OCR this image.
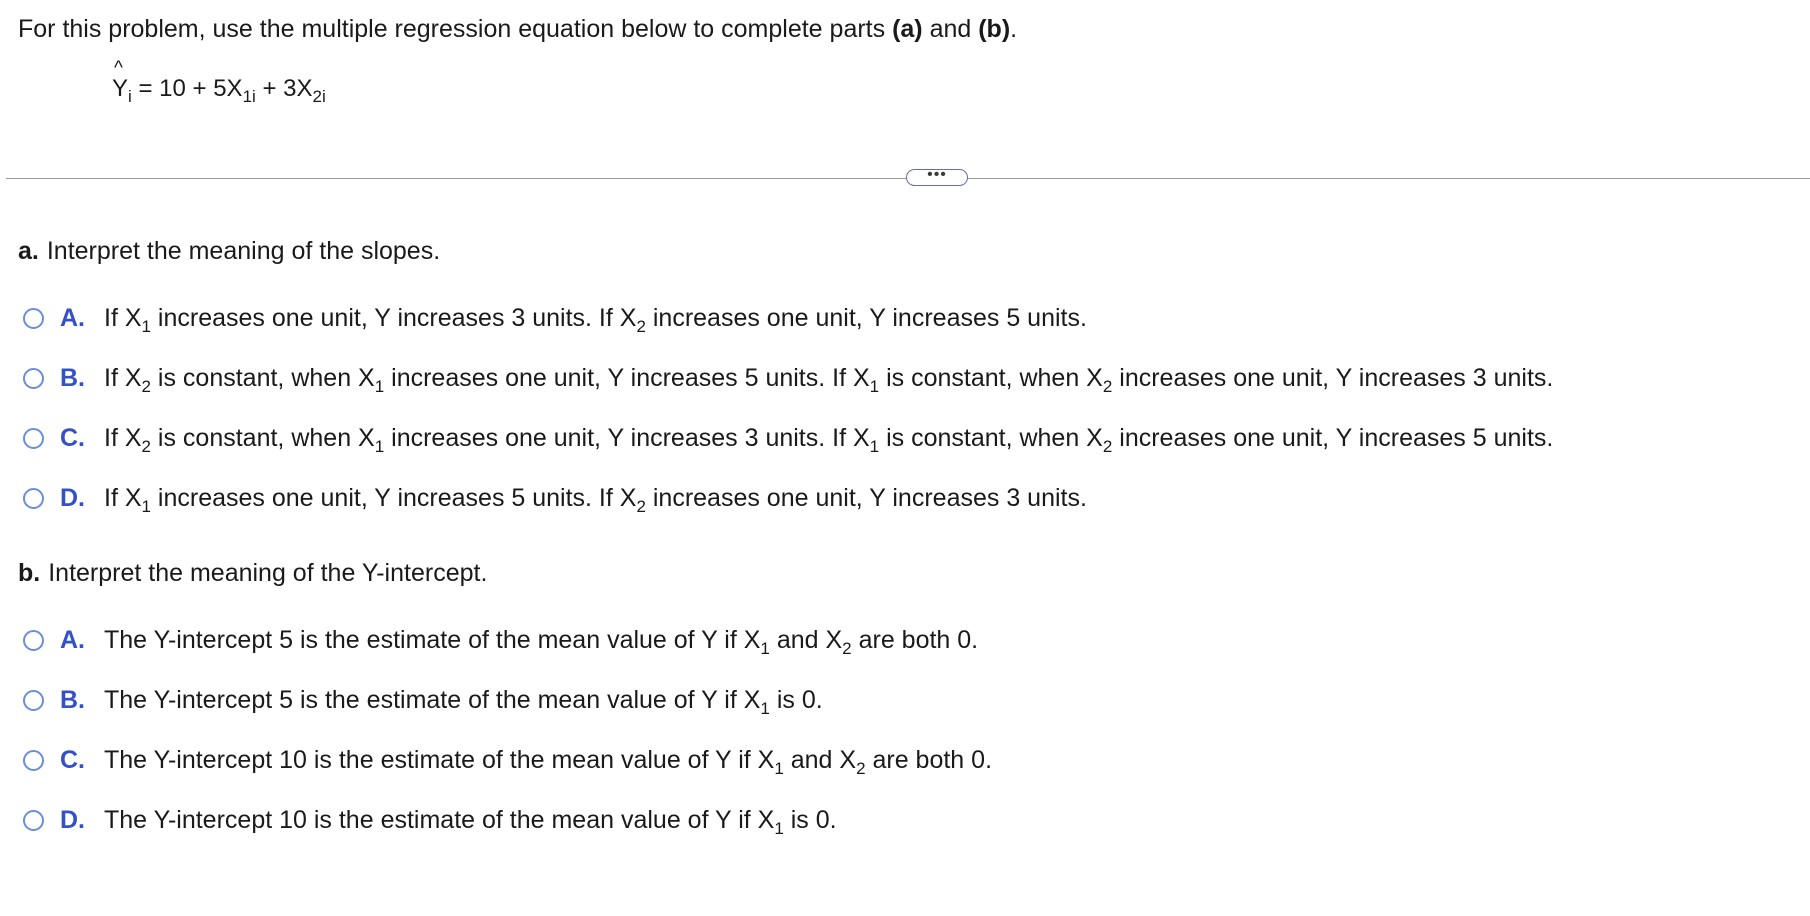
For this problem, use the multiple regression equation below to complete parts (a) and (b).
^
$Y_i = 10 + 5X_{1i} + 3X_{2i}$
•••
a. Interpret the meaning of the slopes.
A. If $X_1$ increases one unit, Y increases 3 units. If $X_2$ increases one unit, Y increases 5 units.
B. If $X_2$ is constant, when $X_1$ increases one unit, Y increases 5 units. If $X_1$ is constant, when $X_2$ increases one unit, Y increases 3 units.
C. If $X_2$ is constant, when $X_1$ increases one unit, Y increases 3 units. If $X_1$ is constant, when $X_2$ increases one unit, Y increases 5 units.
D. If $X_1$ increases one unit, Y increases 5 units. If $X_2$ increases one unit, Y increases 3 units.
b. Interpret the meaning of the Y-intercept.
A. The Y-intercept 5 is the estimate of the mean value of Y if $X_1$ and $X_2$ are both 0.
B. The Y-intercept 5 is the estimate of the mean value of Y if $X_1$ is 0.
C. The Y-intercept 10 is the estimate of the mean value of Y if $X_1$ and $X_2$ are both 0.
D. The Y-intercept 10 is the estimate of the mean value of Y if $X_1$ is 0.
